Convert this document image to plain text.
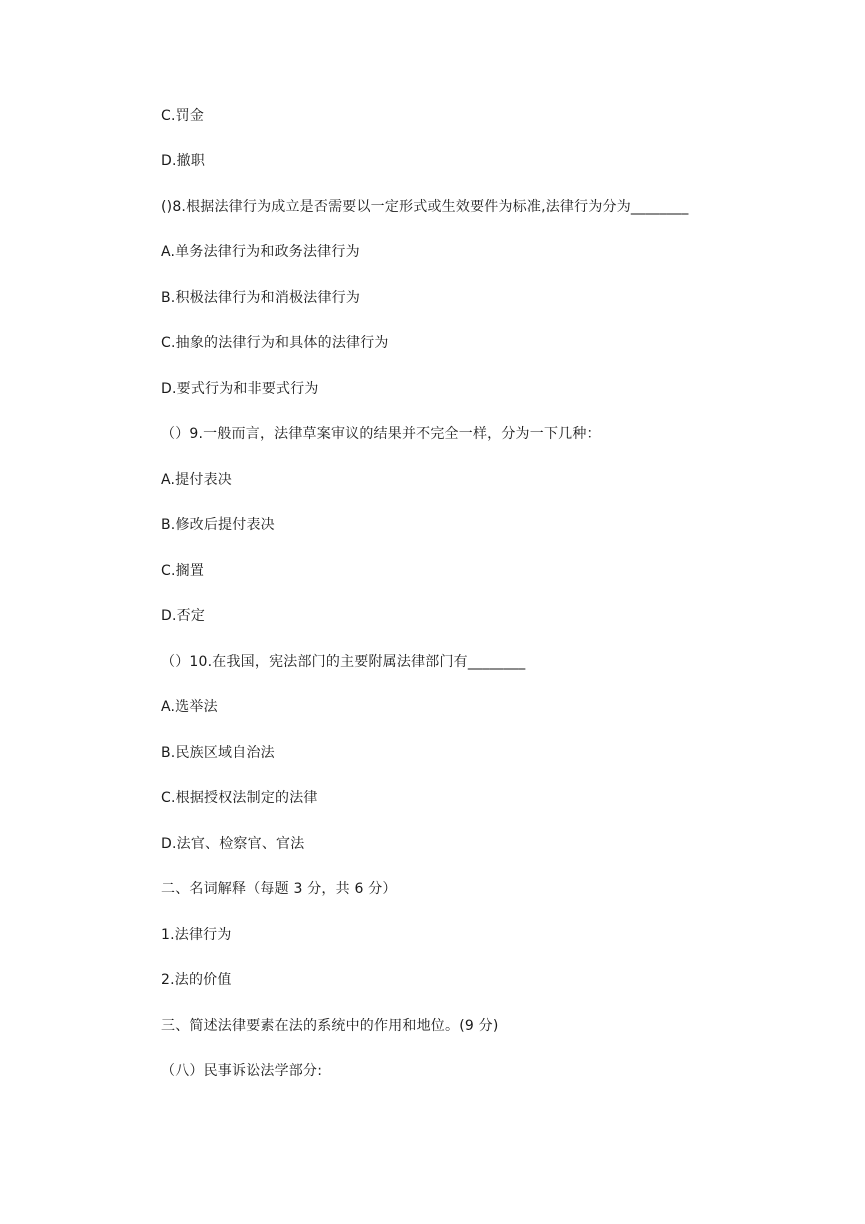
C.罚金
D.撤职
()8.根据法律行为成立是否需要以一定形式或生效要件为标准,法律行为分为________
A.单务法律行为和政务法律行为
B.积极法律行为和消极法律行为
C.抽象的法律行为和具体的法律行为
D.要式行为和非要式行为
（）9.一般而言，法律草案审议的结果并不完全一样，分为一下几种：
A.提付表决
B.修改后提付表决
C.搁置
D.否定
（）10.在我国，宪法部门的主要附属法律部门有________
A.选举法
B.民族区域自治法
C.根据授权法制定的法律
D.法官、检察官、官法
二、名词解释（每题 3 分，共 6 分）
1.法律行为
2.法的价值
三、简述法律要素在法的系统中的作用和地位。(9 分)
（八）民事诉讼法学部分:
